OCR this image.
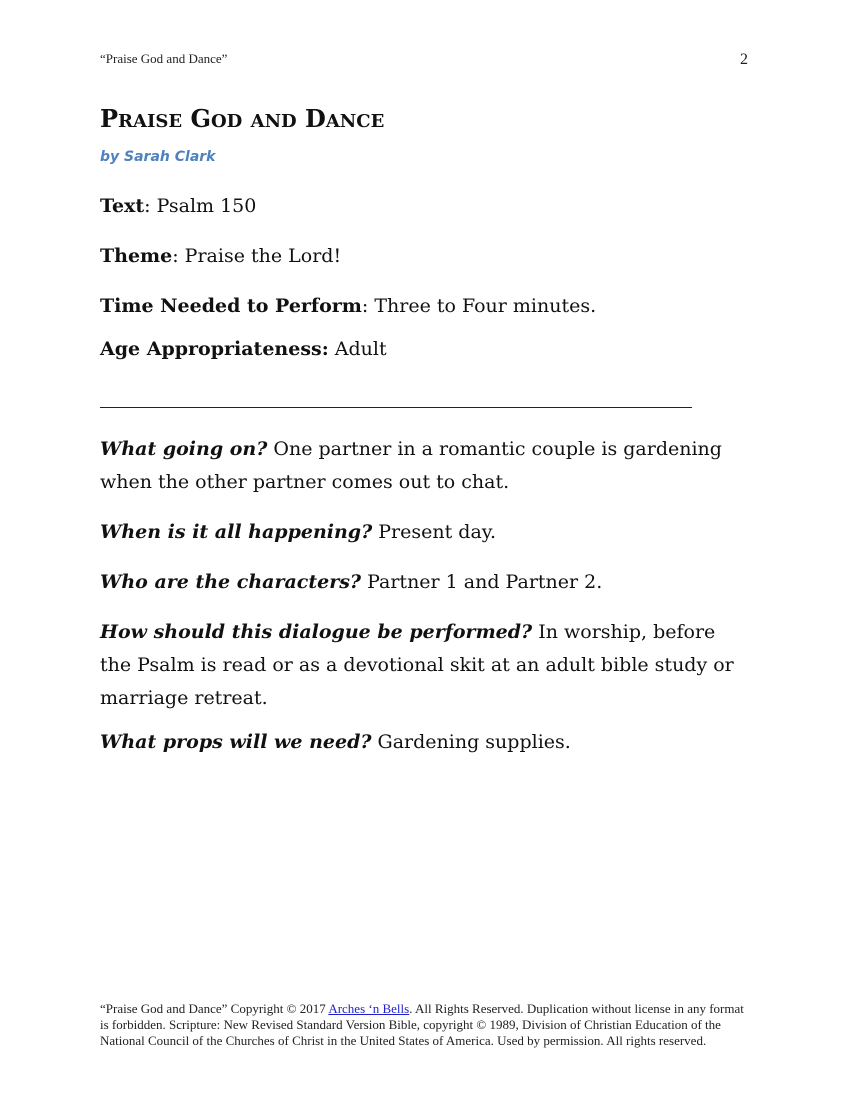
“Praise God and Dance”	2
PRAISE GOD AND DANCE
by Sarah Clark
Text: Psalm 150
Theme: Praise the Lord!
Time Needed to Perform: Three to Four minutes.
Age Appropriateness: Adult
What going on? One partner in a romantic couple is gardening when the other partner comes out to chat.
When is it all happening? Present day.
Who are the characters? Partner 1 and Partner 2.
How should this dialogue be performed? In worship, before the Psalm is read or as a devotional skit at an adult bible study or marriage retreat.
What props will we need? Gardening supplies.
“Praise God and Dance” Copyright © 2017 Arches ‘n Bells. All Rights Reserved. Duplication without license in any format is forbidden. Scripture: New Revised Standard Version Bible, copyright © 1989, Division of Christian Education of the National Council of the Churches of Christ in the United States of America. Used by permission. All rights reserved.
